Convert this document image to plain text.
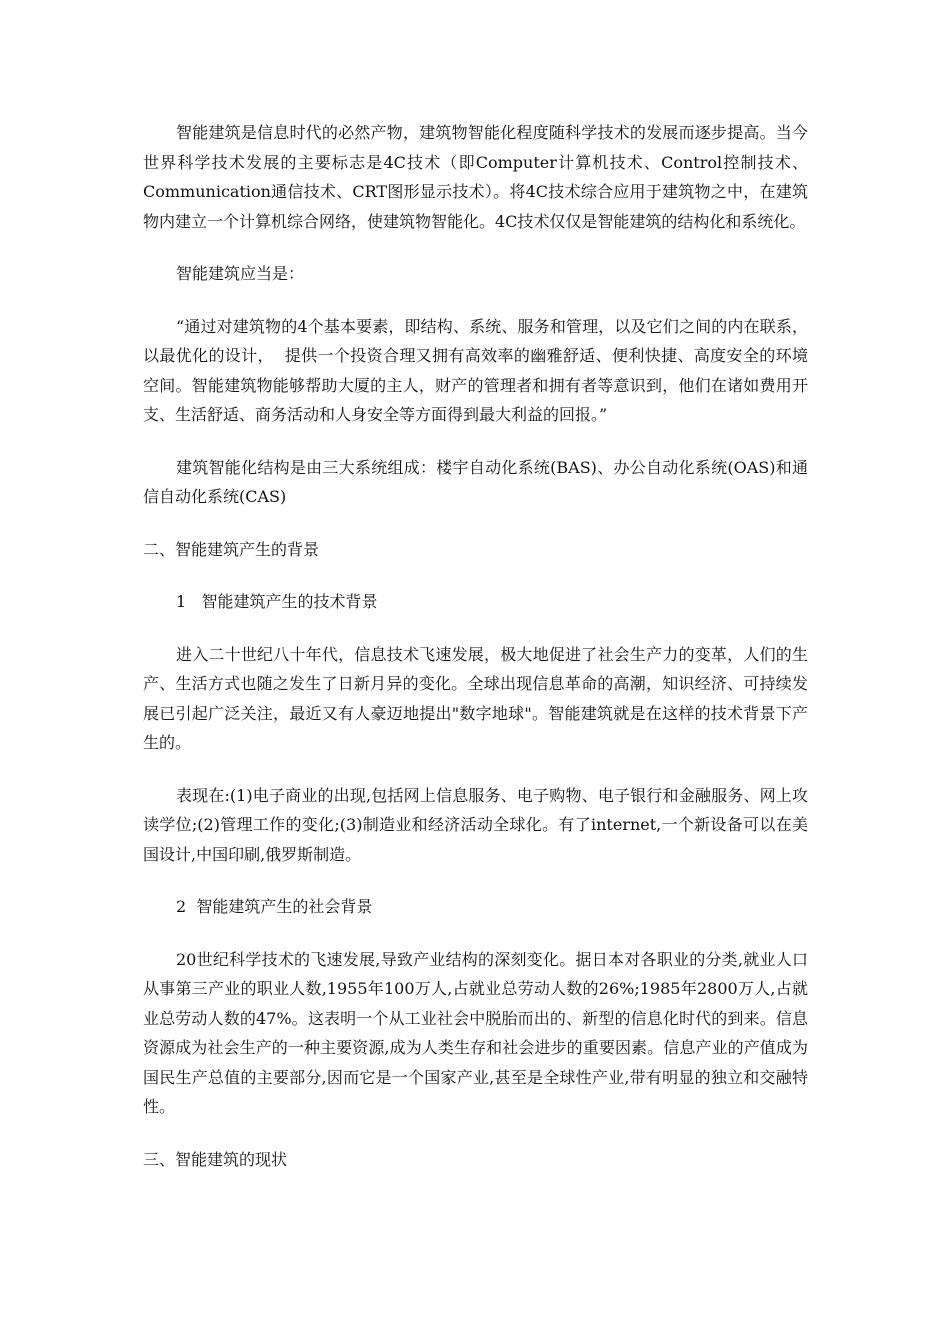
智能建筑是信息时代的必然产物，建筑物智能化程度随科学技术的发展而逐步提高。当今世界科学技术发展的主要标志是4C技术（即Computer计算机技术、Control控制技术、Communication通信技术、CRT图形显示技术）。将4C技术综合应用于建筑物之中，在建筑物内建立一个计算机综合网络，使建筑物智能化。4C技术仅仅是智能建筑的结构化和系统化。

智能建筑应当是：

“通过对建筑物的4个基本要素，即结构、系统、服务和管理，以及它们之间的内在联系，以最优化的设计，  提供一个投资合理又拥有高效率的幽雅舒适、便利快捷、高度安全的环境空间。智能建筑物能够帮助大厦的主人，财产的管理者和拥有者等意识到，他们在诸如费用开支、生活舒适、商务活动和人身安全等方面得到最大利益的回报。”

建筑智能化结构是由三大系统组成：楼宇自动化系统(BAS)、办公自动化系统(OAS)和通信自动化系统(CAS)

二、智能建筑产生的背景

1   智能建筑产生的技术背景

进入二十世纪八十年代，信息技术飞速发展，极大地促进了社会生产力的变革，人们的生产、生活方式也随之发生了日新月异的变化。全球出现信息革命的高潮，知识经济、可持续发展已引起广泛关注，最近又有人豪迈地提出"数字地球"。智能建筑就是在这样的技术背景下产生的。

表现在:(1)电子商业的出现,包括网上信息服务、电子购物、电子银行和金融服务、网上攻读学位;(2)管理工作的变化;(3)制造业和经济活动全球化。有了internet,一个新设备可以在美国设计,中国印刷,俄罗斯制造。

2  智能建筑产生的社会背景

20世纪科学技术的飞速发展,导致产业结构的深刻变化。据日本对各职业的分类,就业人口从事第三产业的职业人数,1955年100万人,占就业总劳动人数的26%;1985年2800万人,占就业总劳动人数的47%。这表明一个从工业社会中脱胎而出的、新型的信息化时代的到来。信息资源成为社会生产的一种主要资源,成为人类生存和社会进步的重要因素。信息产业的产值成为国民生产总值的主要部分,因而它是一个国家产业,甚至是全球性产业,带有明显的独立和交融特性。

三、智能建筑的现状
